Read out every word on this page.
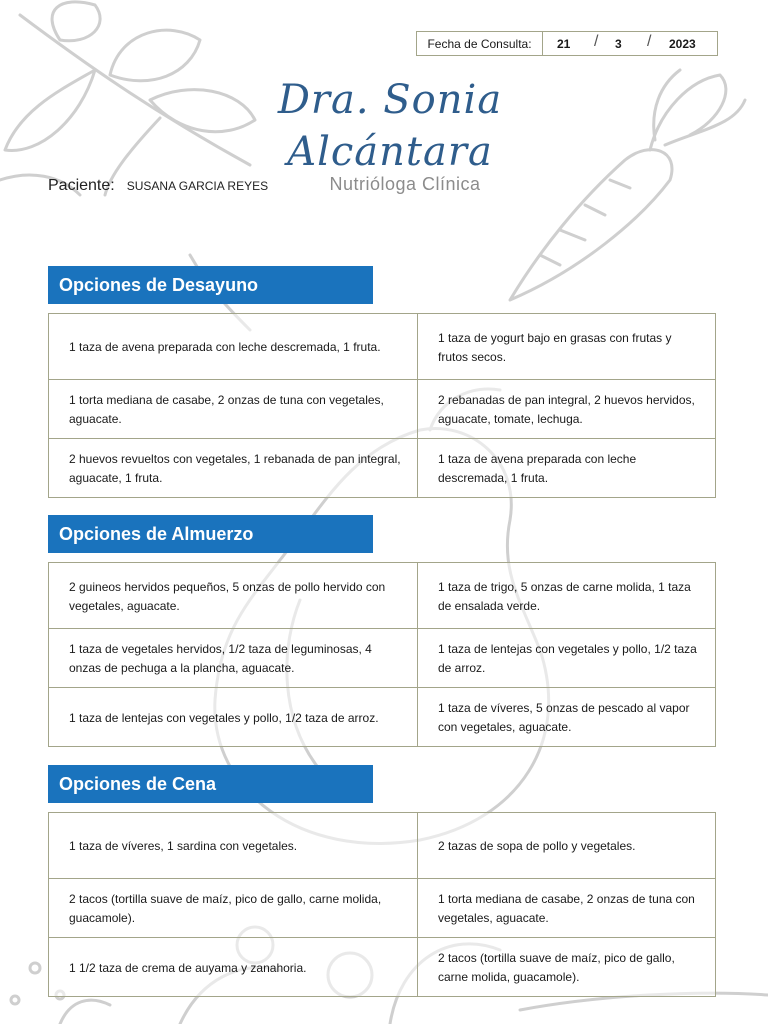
Fecha de Consulta:	21 / 3 / 2023
Dra. Sonia Alcántara
Nutrióloga Clínica
Paciente: SUSANA GARCIA REYES
Opciones de Desayuno
1 taza de avena preparada con leche descremada, 1 fruta.	1 taza de yogurt bajo en grasas con frutas y frutos secos.
1 torta mediana de casabe, 2 onzas de tuna con vegetales, aguacate.	2 rebanadas de pan integral, 2 huevos hervidos, aguacate, tomate, lechuga.
2 huevos revueltos con vegetales, 1 rebanada de pan integral, aguacate, 1 fruta.	1 taza de avena preparada con leche descremada, 1 fruta.
Opciones de Almuerzo
2 guineos hervidos pequeños, 5 onzas de pollo hervido con vegetales, aguacate.	1 taza de trigo, 5 onzas de carne molida, 1 taza de ensalada verde.
1 taza de vegetales hervidos, 1/2 taza de leguminosas, 4 onzas de pechuga a la plancha, aguacate.	1 taza de lentejas con vegetales y pollo, 1/2 taza de arroz.
1 taza de lentejas con vegetales y pollo, 1/2 taza de arroz.	1 taza de víveres, 5 onzas de pescado al vapor con vegetales, aguacate.
Opciones de Cena
1 taza de víveres, 1 sardina con vegetales.	2 tazas de sopa de pollo y vegetales.
2 tacos (tortilla suave de maíz, pico de gallo, carne molida, guacamole).	1 torta mediana de casabe, 2 onzas de tuna con vegetales, aguacate.
1 1/2 taza de crema de auyama y zanahoria.	2 tacos (tortilla suave de maíz, pico de gallo, carne molida, guacamole).
